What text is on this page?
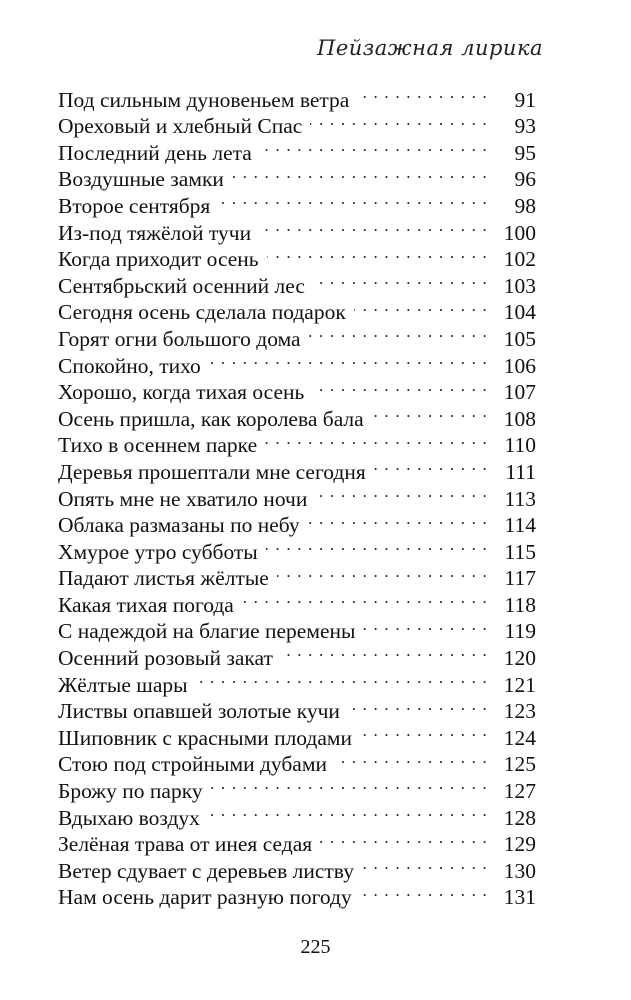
Пейзажная лирика
Под сильным дуновеньем ветра . . .	91
Ореховый и хлебный Спас . . .	93
Последний день лета . . .	95
Воздушные замки . . .	96
Второе сентября . . .	98
Из-под тяжёлой тучи . . .	100
Когда приходит осень . . .	102
Сентябрьский осенний лес . . .	103
Сегодня осень сделала подарок . . .	104
Горят огни большого дома . . .	105
Спокойно, тихо . . .	106
Хорошо, когда тихая осень . . .	107
Осень пришла, как королева бала . . .	108
Тихо в осеннем парке . . .	110
Деревья прошептали мне сегодня . . .	111
Опять мне не хватило ночи . . .	113
Облака размазаны по небу . . .	114
Хмурое утро субботы . . .	115
Падают листья жёлтые . . .	117
Какая тихая погода . . .	118
С надеждой на благие перемены . . .	119
Осенний розовый закат . . .	120
Жёлтые шары . . .	121
Листвы опавшей золотые кучи . . .	123
Шиповник с красными плодами . . .	124
Стою под стройными дубами . . .	125
Брожу по парку . . .	127
Вдыхаю воздух . . .	128
Зелёная трава от инея седая . . .	129
Ветер сдувает с деревьев листву . . .	130
Нам осень дарит разную погоду . . .	131
225
